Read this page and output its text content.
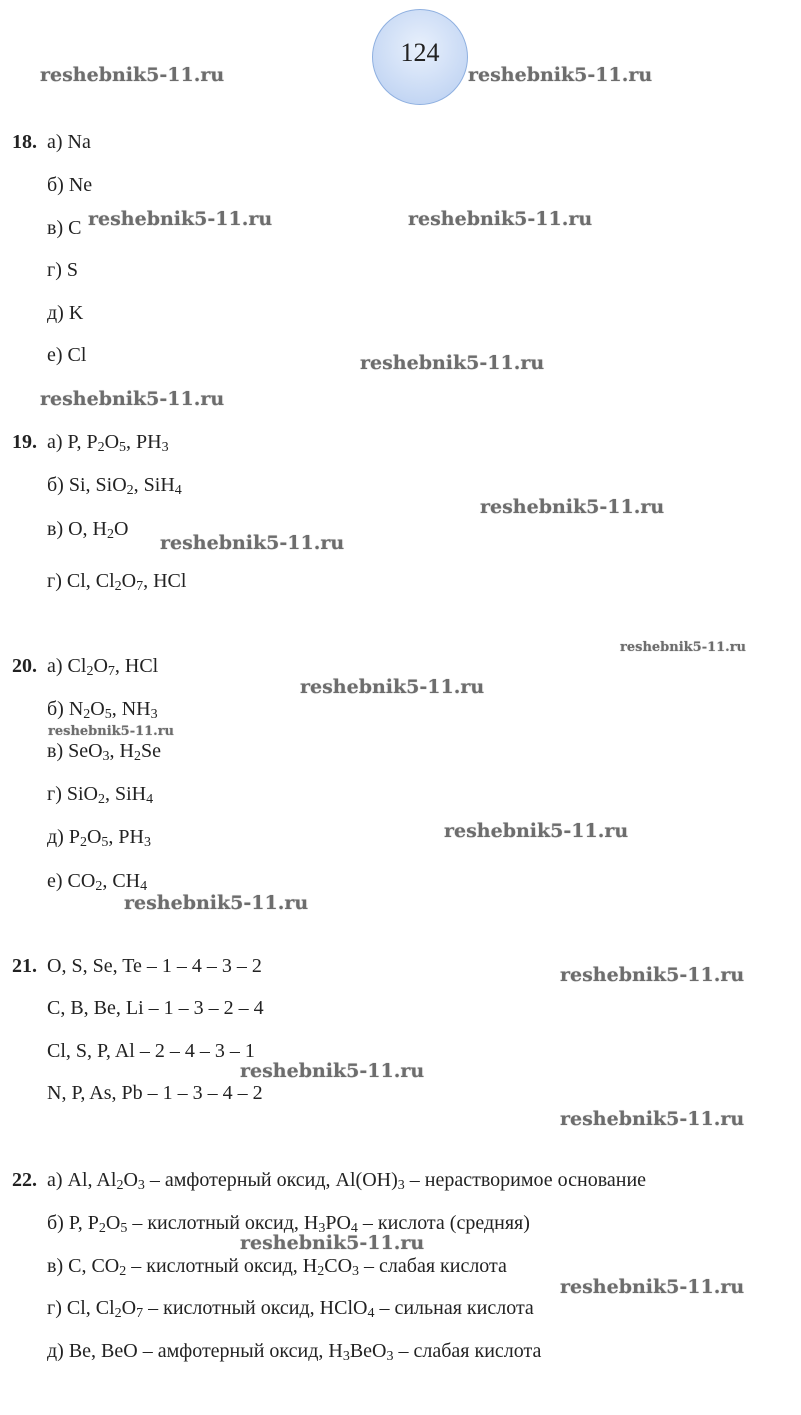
124
reshebnik5-11.ru	reshebnik5-11.ru
reshebnik5-11.ru	reshebnik5-11.ru
reshebnik5-11.ru
reshebnik5-11.ru
reshebnik5-11.ru
reshebnik5-11.ru
reshebnik5-11.ru
reshebnik5-11.ru
reshebnik5-11.ru
reshebnik5-11.ru
reshebnik5-11.ru
reshebnik5-11.ru
reshebnik5-11.ru
reshebnik5-11.ru
reshebnik5-11.ru
reshebnik5-11.ru
18. а) Na
б) Ne
в) C
г) S
д) K
е) Cl
19. а) P, $P_2O_5$, $PH_3$
б) Si, SiO$_2$, SiH$_4$
в) O, $H_2O$
г) Cl, $Cl_2O_7$, HCl
20. а) $Cl_2O_7$, HCl
б) $N_2O_5$, $NH_3$
в) SeO$_3$, $H_2Se$
г) SiO$_2$, SiH$_4$
д) $P_2O_5$, $PH_3$
е) $CO_2$, $CH_4$
21. O, S, Se, Te – 1 – 4 – 3 – 2
C, B, Be, Li – 1 – 3 – 2 – 4
Cl, S, P, Al – 2 – 4 – 3 – 1
N, P, As, Pb – 1 – 3 – 4 – 2
22. а) Al, $Al_2O_3$ – амфотерный оксид, $Al(OH)_3$ – нерастворимое основание
б) P, $P_2O_5$ – кислотный оксид, $H_3PO_4$ – кислота (средняя)
в) C, $CO_2$ – кислотный оксид, $H_2CO_3$ – слабая кислота
г) Cl, $Cl_2O_7$ – кислотный оксид, HClO$_4$ – сильная кислота
д) Be, BeO – амфотерный оксид, $H_3BeO_3$ – слабая кислота
